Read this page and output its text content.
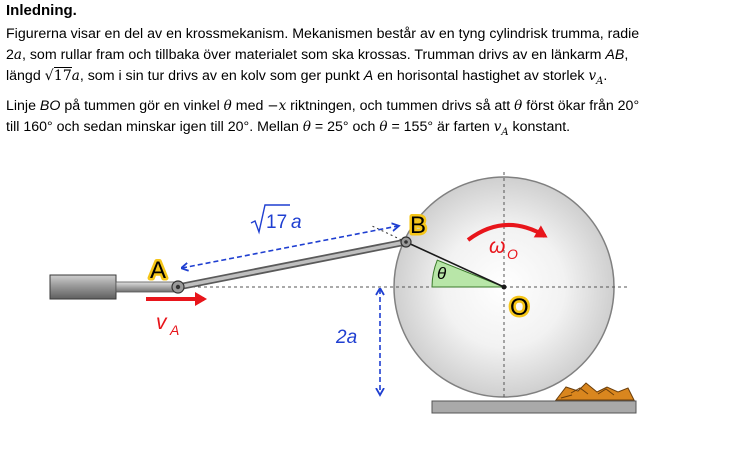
Inledning.
Figurerna visar en del av en krossmekanism. Mekanismen består av en tyng cylindrisk trumma, radie
2a, som rullar fram och tillbaka över materialet som ska krossas. Trumman drivs av en länkarm AB,
längd √17a, som i sin tur drivs av en kolv som ger punkt A en horisontal hastighet av storlek $v_A$.
Linje BO på tummen gör en vinkel θ med −x riktningen, och tummen drivs så att θ först ökar från 20°
till 160° och sedan minskar igen till 20°. Mellan θ = 25° och θ = 155° är farten $v_A$ konstant.
17 a	B
A
O
θ
ω O
v A	2a
